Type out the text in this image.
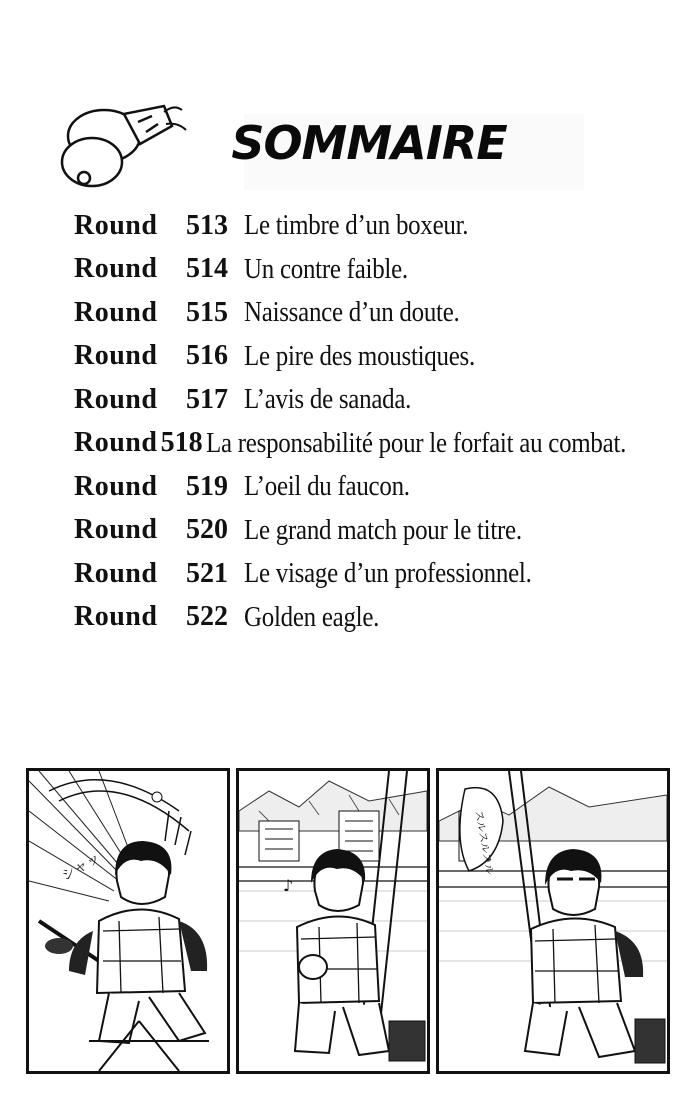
SOMMAIRE
Round	513 Le timbre d’un boxeur.
Round	514 Un contre faible.
Round	515 Naissance d’un doute.
Round	516 Le pire des moustiques.
Round	517 L’avis de sanada.
Round 518 La responsabilité pour le forfait au combat.
Round	519 L’oeil du faucon.
Round	520 Le grand match pour le titre.
Round	521 Le visage d’un professionnel.
Round	522 Golden eagle.
シャッ
♪
スルスルスル
